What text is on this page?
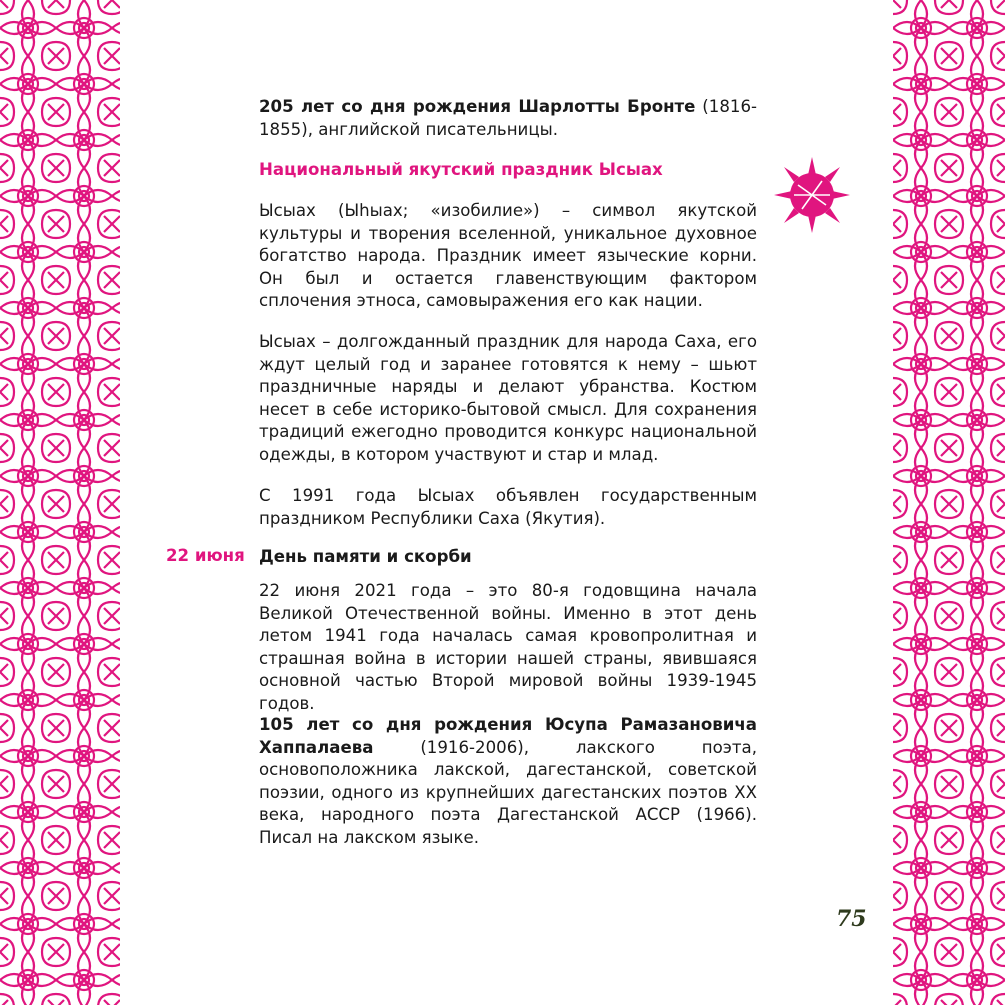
205 лет со дня рождения Шарлотты Бронте (1816-1855), английской писательницы.
Национальный якутский праздник Ысыах
Ысыах (Ыһыах; «изобилие») – символ якутской культуры и творения вселенной, уникальное духовное богатство народа. Праздник имеет языческие корни. Он был и остается главенствующим фактором сплочения этноса, самовыражения его как нации.
Ысыах – долгожданный праздник для народа Саха, его ждут целый год и заранее готовятся к нему – шьют праздничные наряды и делают убранства. Костюм несет в себе историко-бытовой смысл. Для сохранения традиций ежегодно проводится конкурс национальной одежды, в котором участвуют и стар и млад.
С 1991 года Ысыах объявлен государственным праздником Республики Саха (Якутия).
День памяти и скорби
22 июня 2021 года – это 80-я годовщина начала Великой Отечественной войны. Именно в этот день летом 1941 года началась самая кровопролитная и страшная война в истории нашей страны, явившаяся основной частью Второй мировой войны 1939-1945 годов.
105 лет со дня рождения Юсупа Рамазановича Хаппалаева (1916-2006), лакского поэта, основоположника лакской, дагестанской, советской поэзии, одного из крупнейших дагестанских поэтов XX века, народного поэта Дагестанской АССР (1966). Писал на лакском языке.
22 июня
75
